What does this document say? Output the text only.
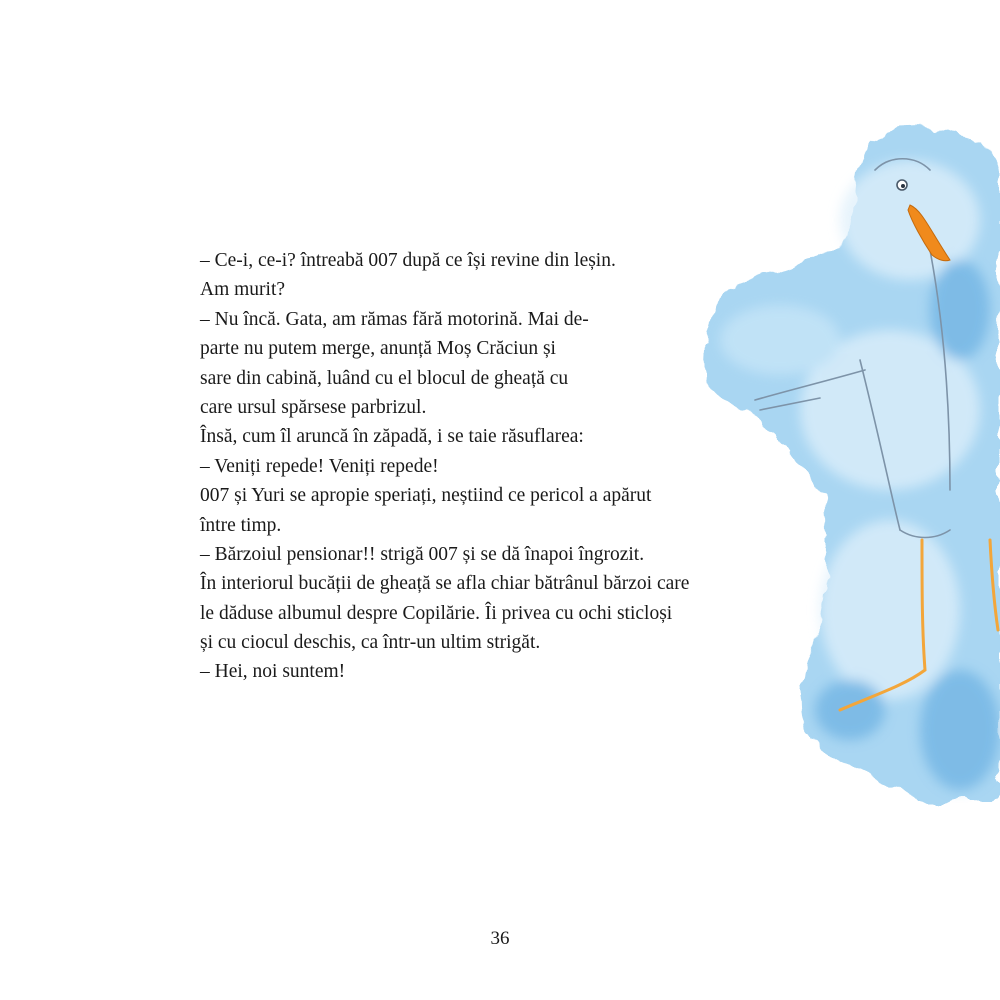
– Ce-i, ce-i? întreabă 007 după ce își revine din leșin.
Am murit?
– Nu încă. Gata, am rămas fără motorină. Mai de-
parte nu putem merge, anunță Moș Crăciun și
sare din cabină, luând cu el blocul de gheață cu
care ursul spărsese parbrizul.
Însă, cum îl aruncă în zăpadă, i se taie răsuflarea:
– Veniți repede! Veniți repede!
007 și Yuri se apropie speriați, neștiind ce pericol a apărut
între timp.
– Bărzoiul pensionar!! strigă 007 și se dă înapoi îngrozit.
În interiorul bucății de gheață se afla chiar bătrânul bărzoi care
le dăduse albumul despre Copilărie. Îi privea cu ochi sticloși
și cu ciocul deschis, ca într-un ultim strigăt.
– Hei, noi suntem!
36
